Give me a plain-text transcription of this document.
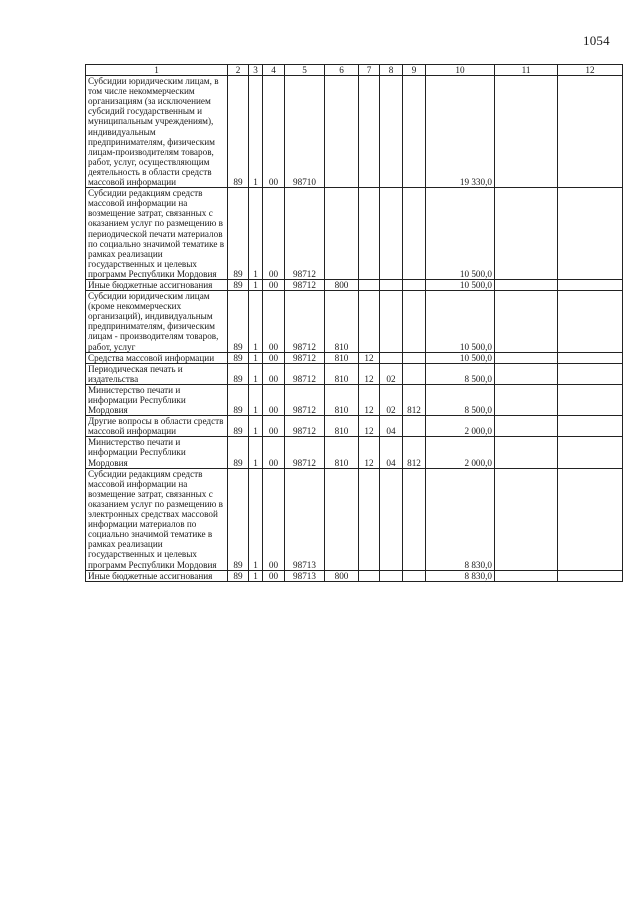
1054
1	2	3	4	5	6	7	8	9	10	11	12
Субсидии юридическим лицам, в том числе некоммерческим организациям (за исключением субсидий государственным и муниципальным учреждениям), индивидуальным предпринимателям, физическим лицам-производителям товаров, работ, услуг, осуществляющим деятельность в области средств массовой информации	89	1	00	98710					19 330,0		
Субсидии редакциям средств массовой информации на возмещение затрат, связанных с оказанием услуг по размещению в периодической печати материалов по социально значимой тематике в рамках реализации государственных и целевых программ Республики Мордовия	89	1	00	98712					10 500,0		
Иные бюджетные ассигнования	89	1	00	98712	800				10 500,0		
Субсидии юридическим лицам (кроме некоммерческих организаций), индивидуальным предпринимателям, физическим лицам - производителям товаров, работ, услуг	89	1	00	98712	810				10 500,0		
Средства массовой информации	89	1	00	98712	810	12			10 500,0		
Периодическая печать и издательства	89	1	00	98712	810	12	02		8 500,0		
Министерство печати и информации Республики Мордовия	89	1	00	98712	810	12	02	812	8 500,0		
Другие вопросы в области средств массовой информации	89	1	00	98712	810	12	04		2 000,0		
Министерство печати и информации Республики Мордовия	89	1	00	98712	810	12	04	812	2 000,0		
Субсидии редакциям средств массовой информации на возмещение затрат, связанных с оказанием услуг по размещению в электронных средствах массовой информации материалов по социально значимой тематике в рамках реализации государственных и целевых программ Республики Мордовия	89	1	00	98713					8 830,0		
Иные бюджетные ассигнования	89	1	00	98713	800				8 830,0		
